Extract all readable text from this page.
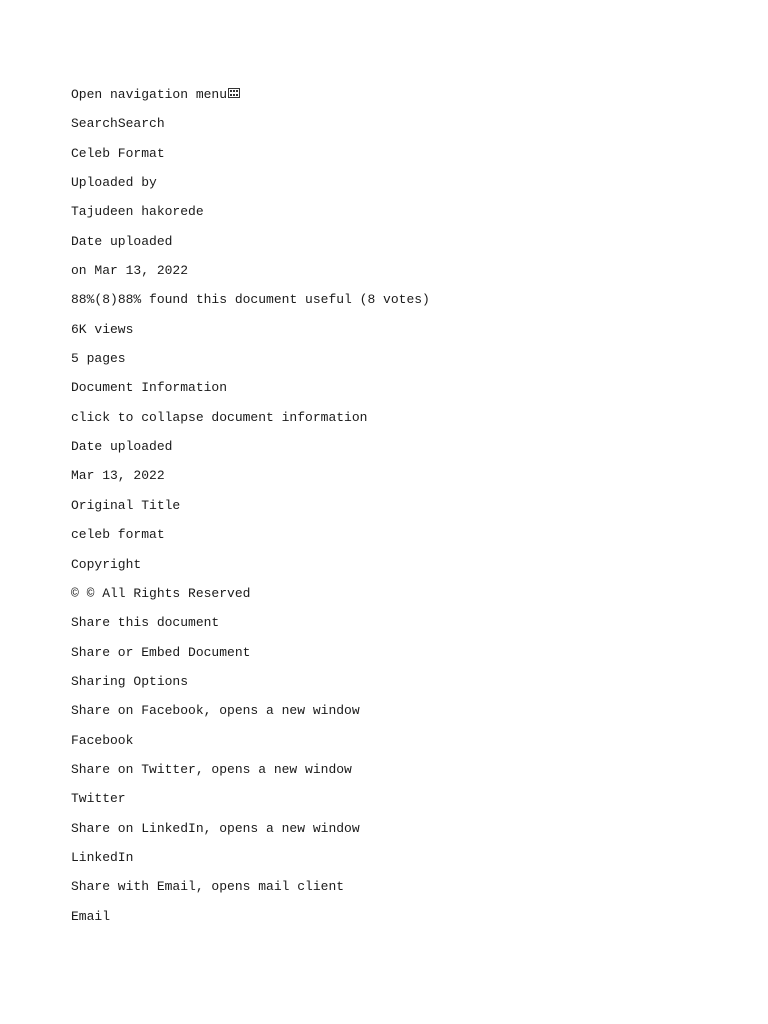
Open navigation menu
SearchSearch
Celeb Format
Uploaded by
Tajudeen hakorede
Date uploaded
on Mar 13, 2022
88%(8)88% found this document useful (8 votes)
6K views
5 pages
Document Information
click to collapse document information
Date uploaded
Mar 13, 2022
Original Title
celeb format
Copyright
© © All Rights Reserved
Share this document
Share or Embed Document
Sharing Options
Share on Facebook, opens a new window
Facebook
Share on Twitter, opens a new window
Twitter
Share on LinkedIn, opens a new window
LinkedIn
Share with Email, opens mail client
Email
